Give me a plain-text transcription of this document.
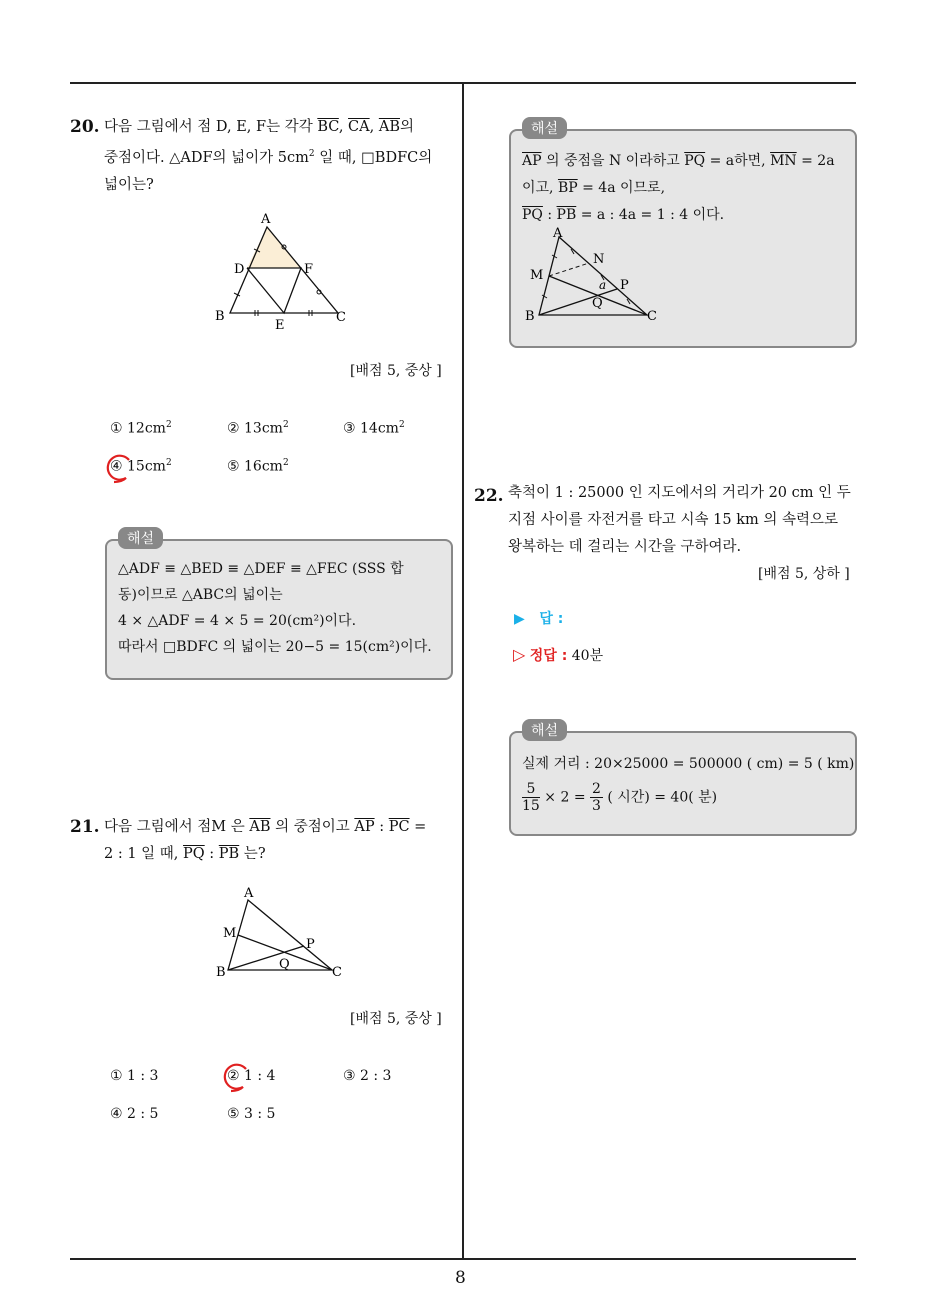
8
20. 다음 그림에서 점 D, E, F는 각각 $\overline{BC}$, $\overline{CA}$, $\overline{AB}$의
중점이다. △ADF의 넓이가 $5cm^2$ 일 때, □BDFC의
넓이는?
A
D	F
B
E
C
[배점 5, 중상 ]
① $12cm^2$	② $13cm^2$	③ $14cm^2$
④ $15cm^2$	⑤ $16cm^2$
△ADF ≡ △BED ≡ △DEF ≡ △FEC (SSS 합
동)이므로 △ABC의 넓이는
4 × △ADF = 4 × 5 = 20(cm²)이다.
따라서 □BDFC 의 넓이는 20−5 = 15(cm²)이다.
해설
21. 다음 그림에서 점M 은 $\overline{AB}$ 의 중점이고 $\overline{AP}$ : $\overline{PC}$ =
2 : 1 일 때, $\overline{PQ}$ : $\overline{PB}$ 는?
A
M
P
Q
B	C
[배점 5, 중상 ]
① 1 : 3	② 1 : 4	③ 2 : 3
④ 2 : 5	⑤ 3 : 5
$\overline{AP}$ 의 중점을 N 이라하고 $\overline{PQ} = a$하면, $\overline{MN} = 2a$
이고, $\overline{BP} = 4a$ 이므로,
$\overline{PQ}$ : $\overline{PB} = a$ : 4a = 1 : 4 이다.
A
N
M
a P
Q
B	C
해설
22. 축척이 1 : 25000 인 지도에서의 거리가 20 cm 인 두
지점 사이를 자전거를 타고 시속 15 km 의 속력으로
왕복하는 데 걸리는 시간을 구하여라.
[배점 5, 상하 ]
▶ 답 :
▷ 정답 : 40분
실제 거리 : 20×25000 = 500000 ( cm) = 5 ( km)
$\frac{5}{15} \times 2 = \frac{2}{3}$ ( 시간) = 40( 분)
해설
